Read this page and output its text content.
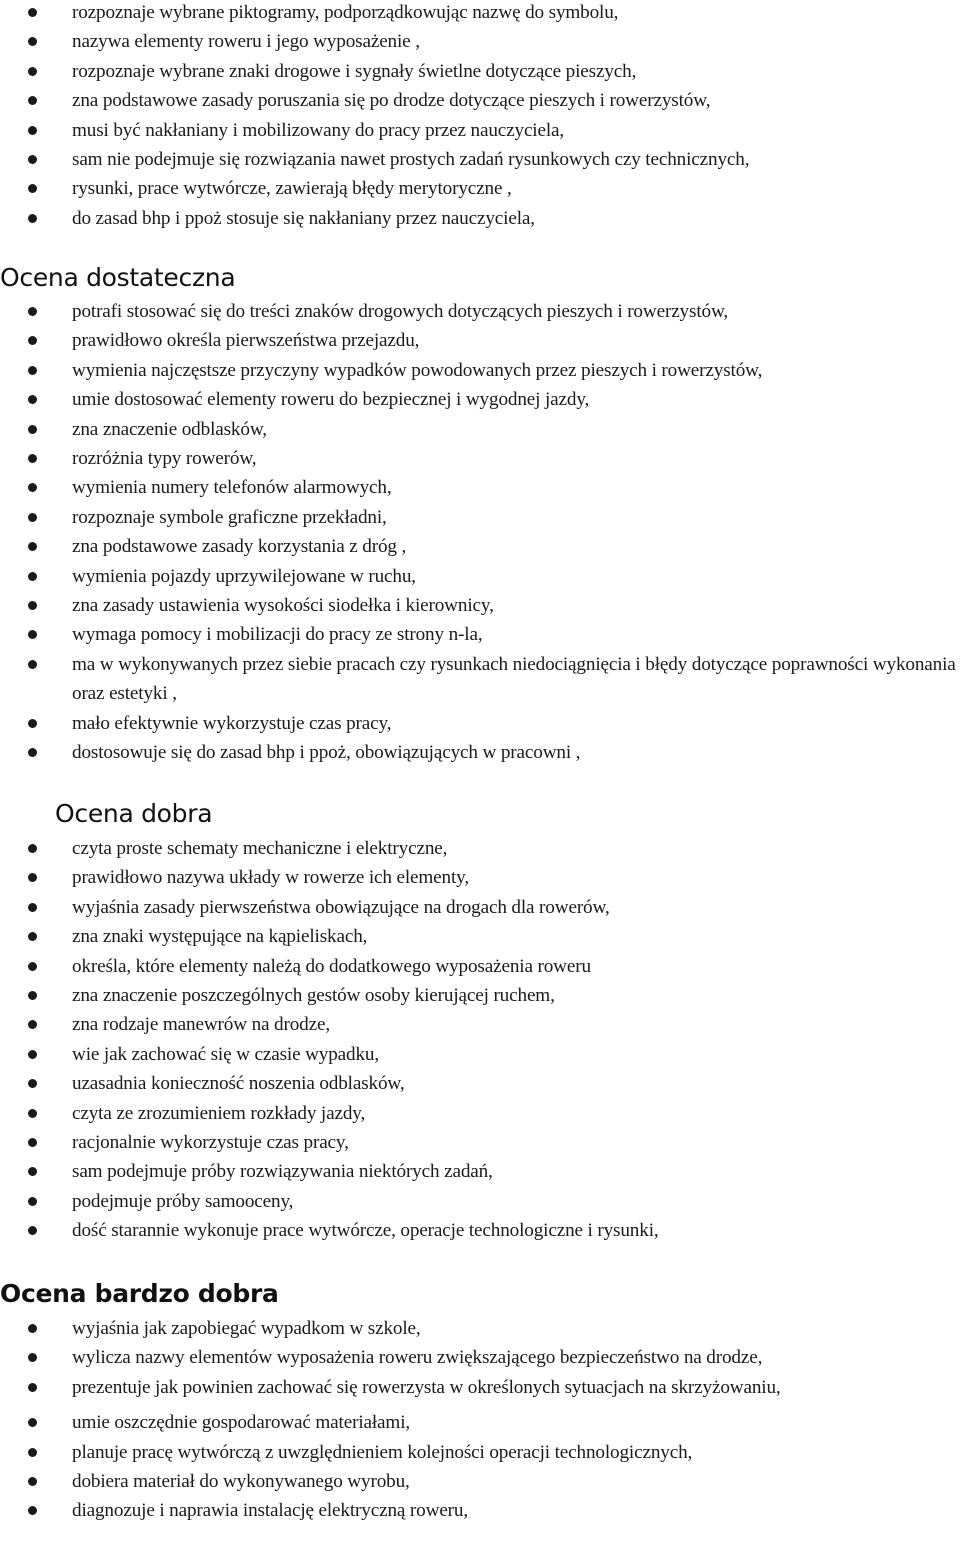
rozpoznaje wybrane piktogramy, podporządkowując nazwę do symbolu,
nazywa elementy roweru i jego wyposażenie ,
rozpoznaje wybrane znaki drogowe i sygnały świetlne dotyczące pieszych,
zna podstawowe zasady poruszania się po drodze dotyczące pieszych i rowerzystów,
musi być nakłaniany i mobilizowany do pracy przez nauczyciela,
sam nie podejmuje się rozwiązania nawet prostych zadań rysunkowych czy technicznych,
rysunki, prace wytwórcze, zawierają błędy merytoryczne ,
do zasad bhp i ppoż stosuje się nakłaniany przez nauczyciela,
Ocena dostateczna
potrafi stosować się do treści znaków drogowych dotyczących pieszych i rowerzystów,
prawidłowo określa pierwszeństwa przejazdu,
wymienia najczęstsze przyczyny wypadków powodowanych przez pieszych i rowerzystów,
umie dostosować elementy roweru do bezpiecznej i wygodnej jazdy,
zna znaczenie odblasków,
rozróżnia typy rowerów,
wymienia numery telefonów alarmowych,
rozpoznaje symbole graficzne przekładni,
zna podstawowe zasady korzystania z dróg ,
wymienia pojazdy uprzywilejowane w ruchu,
zna zasady ustawienia wysokości siodełka i kierownicy,
wymaga pomocy i mobilizacji do pracy ze strony n-la,
ma w wykonywanych przez siebie pracach czy rysunkach niedociągnięcia i błędy dotyczące poprawności wykonania oraz estetyki ,
mało efektywnie wykorzystuje czas pracy,
dostosowuje się do zasad bhp i ppoż, obowiązujących w pracowni ,
Ocena dobra
czyta proste schematy mechaniczne i elektryczne,
prawidłowo nazywa układy w rowerze ich elementy,
wyjaśnia zasady pierwszeństwa obowiązujące na drogach dla rowerów,
zna znaki występujące na kąpieliskach,
określa, które elementy należą do dodatkowego wyposażenia roweru
zna znaczenie poszczególnych gestów osoby kierującej ruchem,
zna rodzaje manewrów na drodze,
wie jak zachować się w czasie wypadku,
uzasadnia konieczność noszenia odblasków,
czyta ze zrozumieniem rozkłady jazdy,
racjonalnie wykorzystuje czas pracy,
sam podejmuje próby rozwiązywania niektórych zadań,
podejmuje próby samooceny,
dość starannie wykonuje prace wytwórcze, operacje technologiczne i rysunki,
Ocena bardzo dobra
wyjaśnia jak zapobiegać wypadkom w szkole,
wylicza nazwy elementów wyposażenia roweru zwiększającego bezpieczeństwo na drodze,
prezentuje jak powinien zachować się rowerzysta w określonych sytuacjach na skrzyżowaniu,
umie oszczędnie gospodarować materiałami,
planuje pracę wytwórczą z uwzględnieniem kolejności operacji technologicznych,
dobiera materiał do wykonywanego wyrobu,
diagnozuje i naprawia instalację elektryczną roweru,
